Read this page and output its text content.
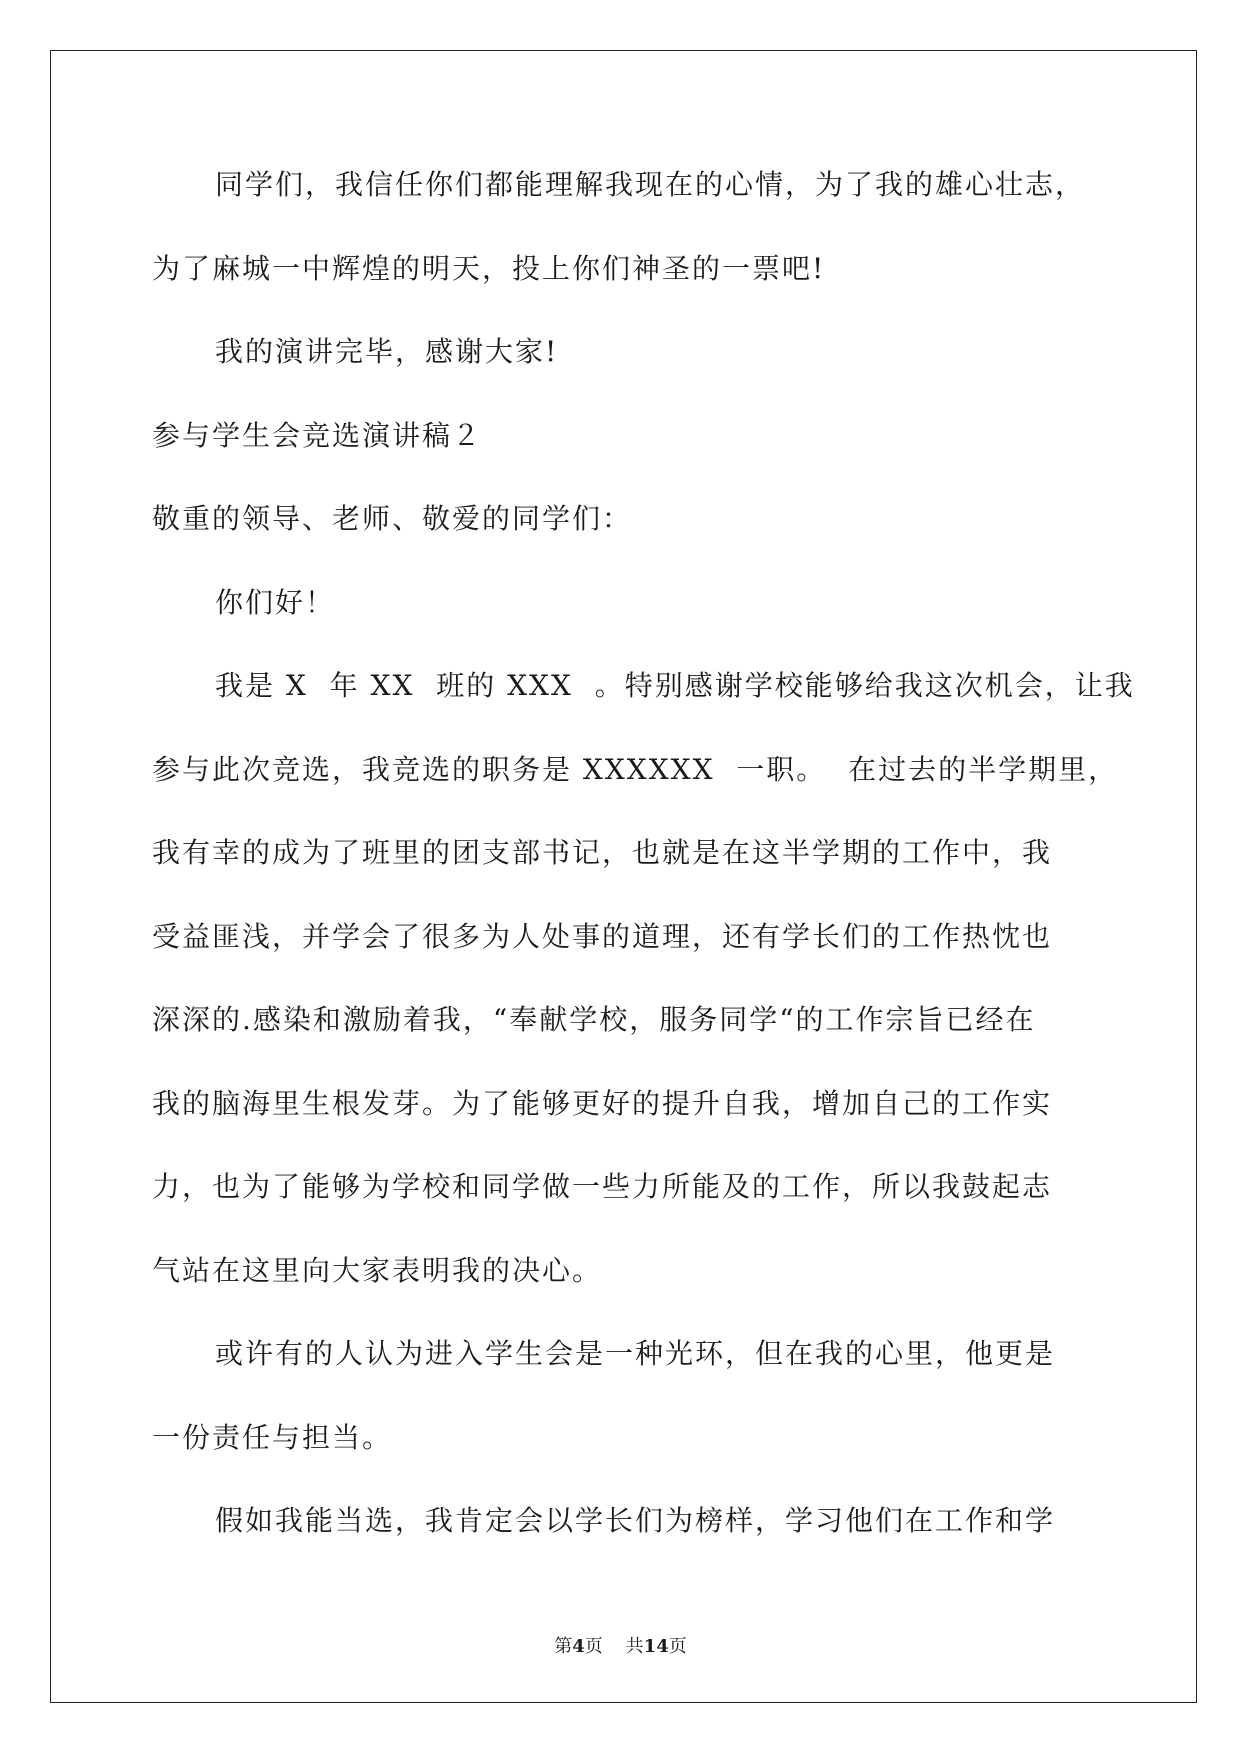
同学们，我信任你们都能理解我现在的心情，为了我的雄心壮志，
为了麻城一中辉煌的明天，投上你们神圣的一票吧!
我的演讲完毕，感谢大家!
参与学生会竞选演讲稿２
敬重的领导、老师、敬爱的同学们：
你们好！
我是 X  年 XX  班的 XXX  。特别感谢学校能够给我这次机会，让我
参与此次竞选，我竞选的职务是 XXXXXX  一职。  在过去的半学期里，
我有幸的成为了班里的团支部书记，也就是在这半学期的工作中，我
受益匪浅，并学会了很多为人处事的道理，还有学长们的工作热忱也
深深的.感染和激励着我，“奉献学校，服务同学“的工作宗旨已经在
我的脑海里生根发芽。为了能够更好的提升自我，增加自己的工作实
力，也为了能够为学校和同学做一些力所能及的工作，所以我鼓起志
气站在这里向大家表明我的决心。
或许有的人认为进入学生会是一种光环，但在我的心里，他更是
一份责任与担当。
假如我能当选，我肯定会以学长们为榜样，学习他们在工作和学
第4页 共14页
